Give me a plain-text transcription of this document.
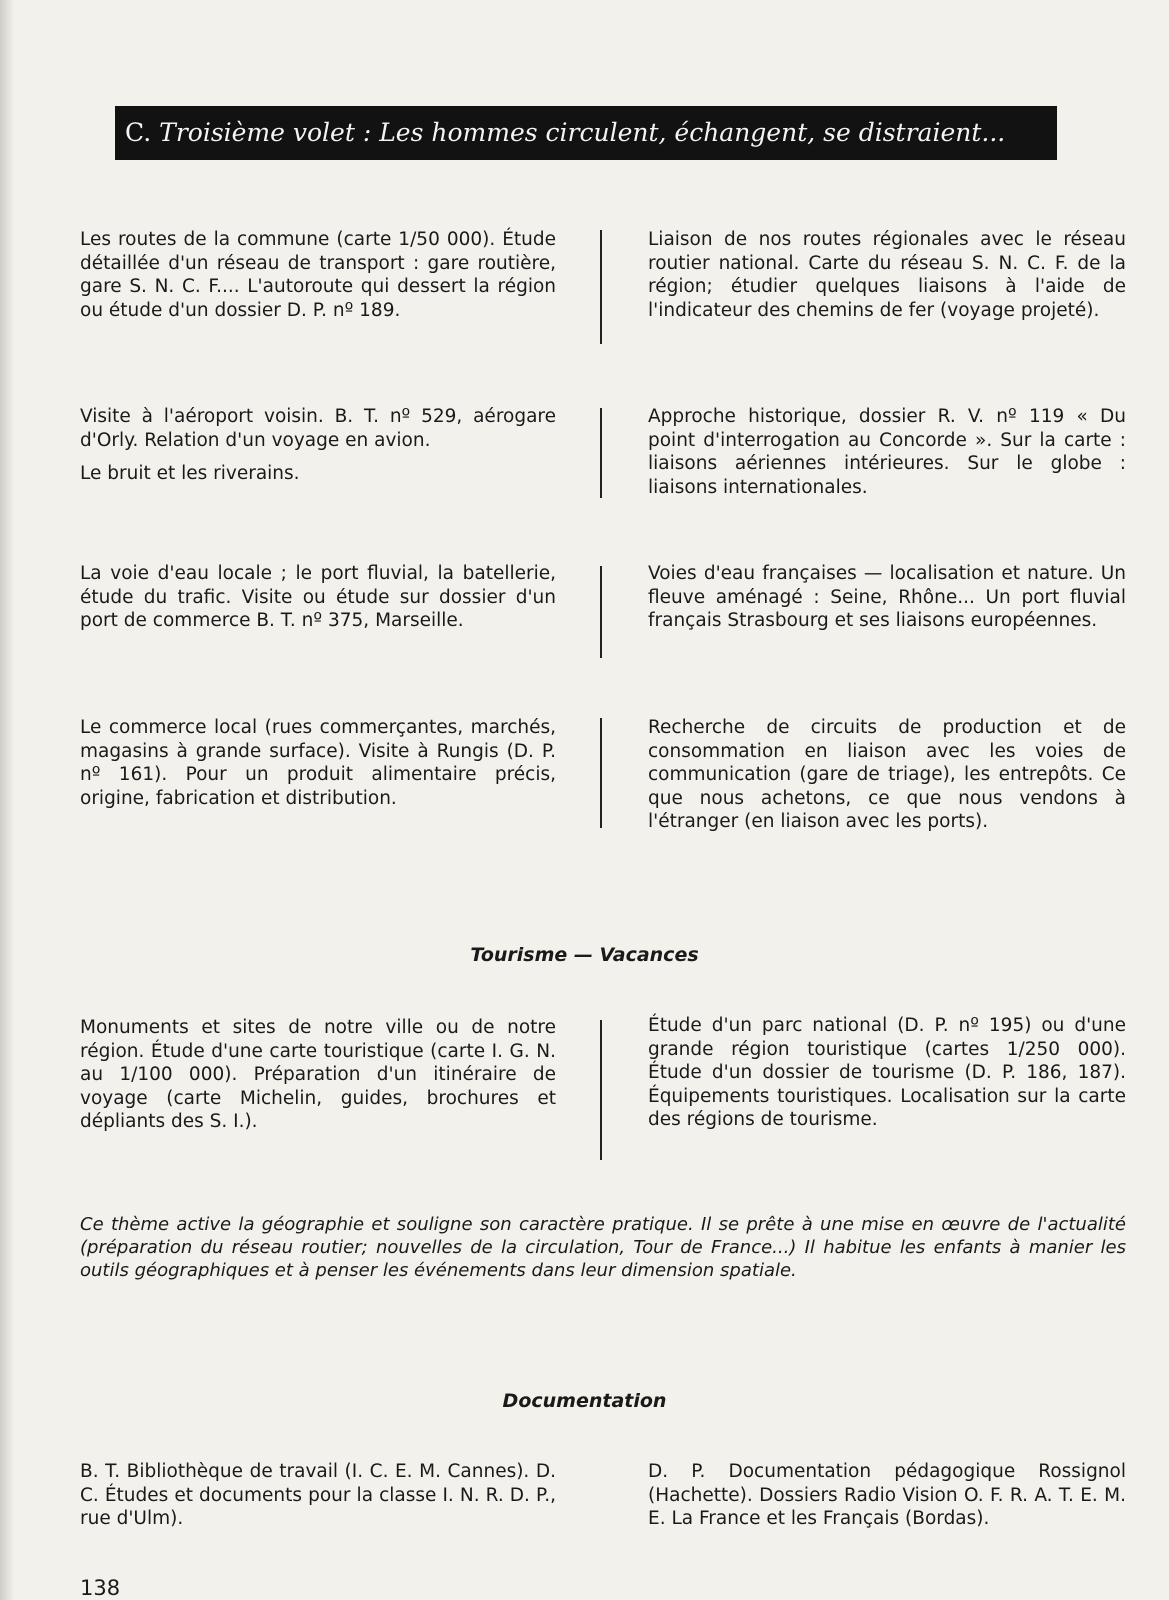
C. Troisième volet : Les hommes circulent, échangent, se distraient...

Les routes de la commune (carte 1/50 000). Étude détaillée d'un réseau de transport : gare routière, gare S. N. C. F.... L'autoroute qui dessert la région ou étude d'un dossier D. P. nº 189.

Liaison de nos routes régionales avec le réseau routier national. Carte du réseau S. N. C. F. de la région; étudier quelques liaisons à l'aide de l'indicateur des chemins de fer (voyage projeté).

Visite à l'aéroport voisin. B. T. nº 529, aérogare d'Orly. Relation d'un voyage en avion.

Le bruit et les riverains.

Approche historique, dossier R. V. nº 119 « Du point d'interrogation au Concorde ». Sur la carte : liaisons aériennes intérieures. Sur le globe : liaisons internationales.

La voie d'eau locale ; le port fluvial, la batellerie, étude du trafic. Visite ou étude sur dossier d'un port de commerce B. T. nº 375, Marseille.

Voies d'eau françaises — localisation et nature. Un fleuve aménagé : Seine, Rhône... Un port fluvial français Strasbourg et ses liaisons européennes.

Le commerce local (rues commerçantes, marchés, magasins à grande surface). Visite à Rungis (D. P. nº 161). Pour un produit alimentaire précis, origine, fabrication et distribution.

Recherche de circuits de production et de consommation en liaison avec les voies de communication (gare de triage), les entrepôts. Ce que nous achetons, ce que nous vendons à l'étranger (en liaison avec les ports).

Tourisme — Vacances

Monuments et sites de notre ville ou de notre région. Étude d'une carte touristique (carte I. G. N. au 1/100 000). Préparation d'un itinéraire de voyage (carte Michelin, guides, brochures et dépliants des S. I.).

Étude d'un parc national (D. P. nº 195) ou d'une grande région touristique (cartes 1/250 000). Étude d'un dossier de tourisme (D. P. 186, 187). Équipements touristiques. Localisation sur la carte des régions de tourisme.

Ce thème active la géographie et souligne son caractère pratique. Il se prête à une mise en œuvre de l'actualité (préparation du réseau routier; nouvelles de la circulation, Tour de France...) Il habitue les enfants à manier les outils géographiques et à penser les événements dans leur dimension spatiale.
Documentation

B. T. Bibliothèque de travail (I. C. E. M. Cannes). D. C. Études et documents pour la classe I. N. R. D. P., rue d'Ulm).

D. P. Documentation pédagogique Rossignol (Hachette). Dossiers Radio Vision O. F. R. A. T. E. M. E. La France et les Français (Bordas).

138
